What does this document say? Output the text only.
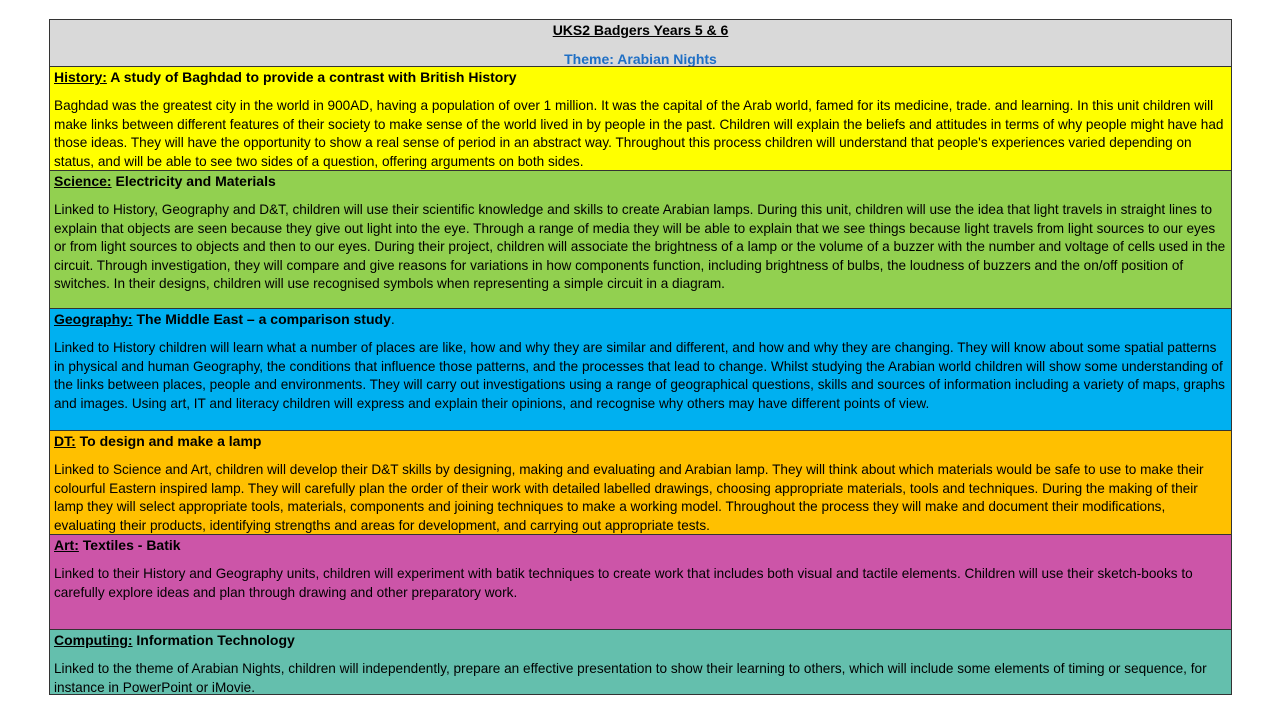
UKS2 Badgers Years 5 & 6
Theme: Arabian Nights
History: A study of Baghdad to provide a contrast with British History
Baghdad was the greatest city in the world in 900AD, having a population of over 1 million. It was the capital of the Arab world, famed for its medicine, trade. and learning. In this unit children will make links between different features of their society to make sense of the world lived in by people in the past. Children will explain the beliefs and attitudes in terms of why people might have had those ideas. They will have the opportunity to show a real sense of period in an abstract way. Throughout this process children will understand that people's experiences varied depending on status, and will be able to see two sides of a question, offering arguments on both sides.
Science: Electricity and Materials
Linked to History, Geography and D&T, children will use their scientific knowledge and skills to create Arabian lamps. During this unit, children will use the idea that light travels in straight lines to explain that objects are seen because they give out light into the eye. Through a range of media they will be able to explain that we see things because light travels from light sources to our eyes or from light sources to objects and then to our eyes. During their project, children will associate the brightness of a lamp or the volume of a buzzer with the number and voltage of cells used in the circuit. Through investigation, they will compare and give reasons for variations in how components function, including brightness of bulbs, the loudness of buzzers and the on/off position of switches. In their designs, children will use recognised symbols when representing a simple circuit in a diagram.
Geography: The Middle East – a comparison study.
Linked to History children will learn what a number of places are like, how and why they are similar and different, and how and why they are changing. They will know about some spatial patterns in physical and human Geography, the conditions that influence those patterns, and the processes that lead to change. Whilst studying the Arabian world children will show some understanding of the links between places, people and environments. They will carry out investigations using a range of geographical questions, skills and sources of information including a variety of maps, graphs and images. Using art, IT and literacy children will express and explain their opinions, and recognise why others may have different points of view.
DT: To design and make a lamp
Linked to Science and Art, children will develop their D&T skills by designing, making and evaluating and Arabian lamp. They will think about which materials would be safe to use to make their colourful Eastern inspired lamp. They will carefully plan the order of their work with detailed labelled drawings, choosing appropriate materials, tools and techniques. During the making of their lamp they will select appropriate tools, materials, components and joining techniques to make a working model. Throughout the process they will make and document their modifications, evaluating their products, identifying strengths and areas for development, and carrying out appropriate tests.
Art: Textiles - Batik
Linked to their History and Geography units, children will experiment with batik techniques to create work that includes both visual and tactile elements. Children will use their sketch-books to carefully explore ideas and plan through drawing and other preparatory work.
Computing: Information Technology
Linked to the theme of Arabian Nights, children will independently, prepare an effective presentation to show their learning to others, which will include some elements of timing or sequence, for instance in PowerPoint or iMovie.
